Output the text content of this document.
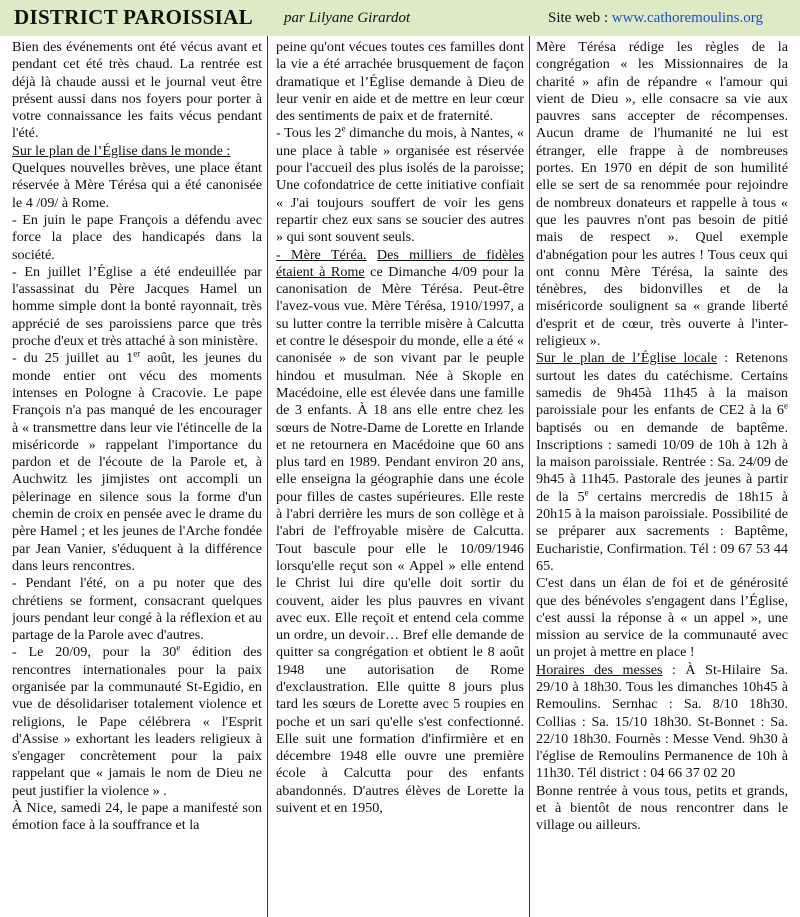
DISTRICT PAROISSIAL par Lilyane Girardot	Site web : www.cathoremoulins.org

Bien des événements ont été vécus avant et pendant cet été très chaud. La rentrée est déjà là chaude aussi et le journal veut être présent aussi dans nos foyers pour porter à votre connaissance les faits vécus pendant l'été.

Sur le plan de l’Église dans le monde :

Quelques nouvelles brèves, une place étant réservée à Mère Térésa qui a été canonisée le 4 /09/ à Rome.

- En juin le pape François a défendu avec force la place des handicapés dans la société.

- En juillet l’Église a été endeuillée par l'assassinat du Père Jacques Hamel un homme simple dont la bonté rayonnait, très apprécié de ses paroissiens parce que très proche d'eux et très attaché à son ministère.

- du 25 juillet au 1er août, les jeunes du monde entier ont vécu des moments intenses en Pologne à Cracovie. Le pape François n'a pas manqué de les encourager à « transmettre dans leur vie l'étincelle de la miséricorde » rappelant l'importance du pardon et de l'écoute de la Parole et, à Auchwitz les jimjistes ont accompli un pèlerinage en silence sous la forme d'un chemin de croix en pensée avec le drame du père Hamel ; et les jeunes de l'Arche fondée par Jean Vanier, s'éduquent à la différence dans leurs rencontres.

- Pendant l'été, on a pu noter que des chrétiens se forment, consacrant quelques jours pendant leur congé à la réflexion et au partage de la Parole avec d'autres.

- Le 20/09, pour la 30e édition des rencontres internationales pour la paix organisée par la communauté St-Egidio, en vue de désolidariser totalement violence et religions, le Pape célébrera « l'Esprit d'Assise » exhortant les leaders religieux à s'engager concrètement pour la paix rappelant que « jamais le nom de Dieu ne peut justifier la violence » .

À Nice, samedi 24, le pape a manifesté son émotion face à la souffrance et la

peine qu'ont vécues toutes ces familles dont la vie a été arrachée brusquement de façon dramatique et l’Église demande à Dieu de leur venir en aide et de mettre en leur cœur des sentiments de paix et de fraternité.

- Tous les 2e dimanche du mois, à Nantes, « une place à table » organisée est réservée pour l'accueil des plus isolés de la paroisse; Une cofondatrice de cette initiative confiait « J'ai toujours souffert de voir les gens repartir chez eux sans se soucier des autres » qui sont souvent seuls.

- Mère Téréa. Des milliers de fidèles étaient à Rome ce Dimanche 4/09 pour la canonisation de Mère Térésa. Peut-être l'avez-vous vue. Mère Térésa, 1910/1997, a su lutter contre la terrible misère à Calcutta et contre le désespoir du monde, elle a été « canonisée » de son vivant par le peuple hindou et musulman. Née à Skople en Macédoine, elle est élevée dans une famille de 3 enfants. À 18 ans elle entre chez les sœurs de Notre-Dame de Lorette en Irlande et ne retournera en Macédoine que 60 ans plus tard en 1989. Pendant environ 20 ans, elle enseigna la géographie dans une école pour filles de castes supérieures. Elle reste à l'abri derrière les murs de son collège et à l'abri de l'effroyable misère de Calcutta. Tout bascule pour elle le 10/09/1946 lorsqu'elle reçut son « Appel » elle entend le Christ lui dire qu'elle doit sortir du couvent, aider les plus pauvres en vivant avec eux. Elle reçoit et entend cela comme un ordre, un devoir… Bref elle demande de quitter sa congrégation et obtient le 8 août 1948 une autorisation de Rome d'exclaustration. Elle quitte 8 jours plus tard les sœurs de Lorette avec 5 roupies en poche et un sari qu'elle s'est confectionné. Elle suit une formation d'infirmière et en décembre 1948 elle ouvre une première école à Calcutta pour des enfants abandonnés. D'autres élèves de Lorette la suivent et en 1950,

Mère Térésa rédige les règles de la congrégation « les Missionnaires de la charité » afin de répandre « l'amour qui vient de Dieu », elle consacre sa vie aux pauvres sans accepter de récompenses. Aucun drame de l'humanité ne lui est étranger, elle frappe à de nombreuses portes. En 1970 en dépit de son humilité elle se sert de sa renommée pour rejoindre de nombreux donateurs et rappelle à tous « que les pauvres n'ont pas besoin de pitié mais de respect ». Quel exemple d'abnégation pour les autres ! Tous ceux qui ont connu Mère Térésa, la sainte des ténèbres, des bidonvilles et de la miséricorde soulignent sa « grande liberté d'esprit et de cœur, très ouverte à l'inter-religieux ».

Sur le plan de l’Église locale : Retenons surtout les dates du catéchisme. Certains samedis de 9h45à 11h45 à la maison paroissiale pour les enfants de CE2 à la 6e baptisés ou en demande de baptême. Inscriptions : samedi 10/09 de 10h à 12h à la maison paroissiale. Rentrée : Sa. 24/09 de 9h45 à 11h45. Pastorale des jeunes à partir de la 5e certains mercredis de 18h15 à 20h15 à la maison paroissiale. Possibilité de se préparer aux sacrements : Baptême, Eucharistie, Confirmation. Tél : 09 67 53 44 65.

C'est dans un élan de foi et de générosité que des bénévoles s'engagent dans l’Église, c'est aussi la réponse à « un appel », une mission au service de la communauté avec un projet à mettre en place !

Horaires des messes : À St-Hilaire Sa. 29/10 à 18h30. Tous les dimanches 10h45 à Remoulins. Sernhac : Sa. 8/10 18h30. Collias : Sa. 15/10 18h30. St-Bonnet : Sa. 22/10 18h30. Fournès : Messe Vend. 9h30 à l'église de Remoulins Permanence de 10h à 11h30. Tél district : 04 66 37 02 20

Bonne rentrée à vous tous, petits et grands, et à bientôt de nous rencontrer dans le village ou ailleurs.
